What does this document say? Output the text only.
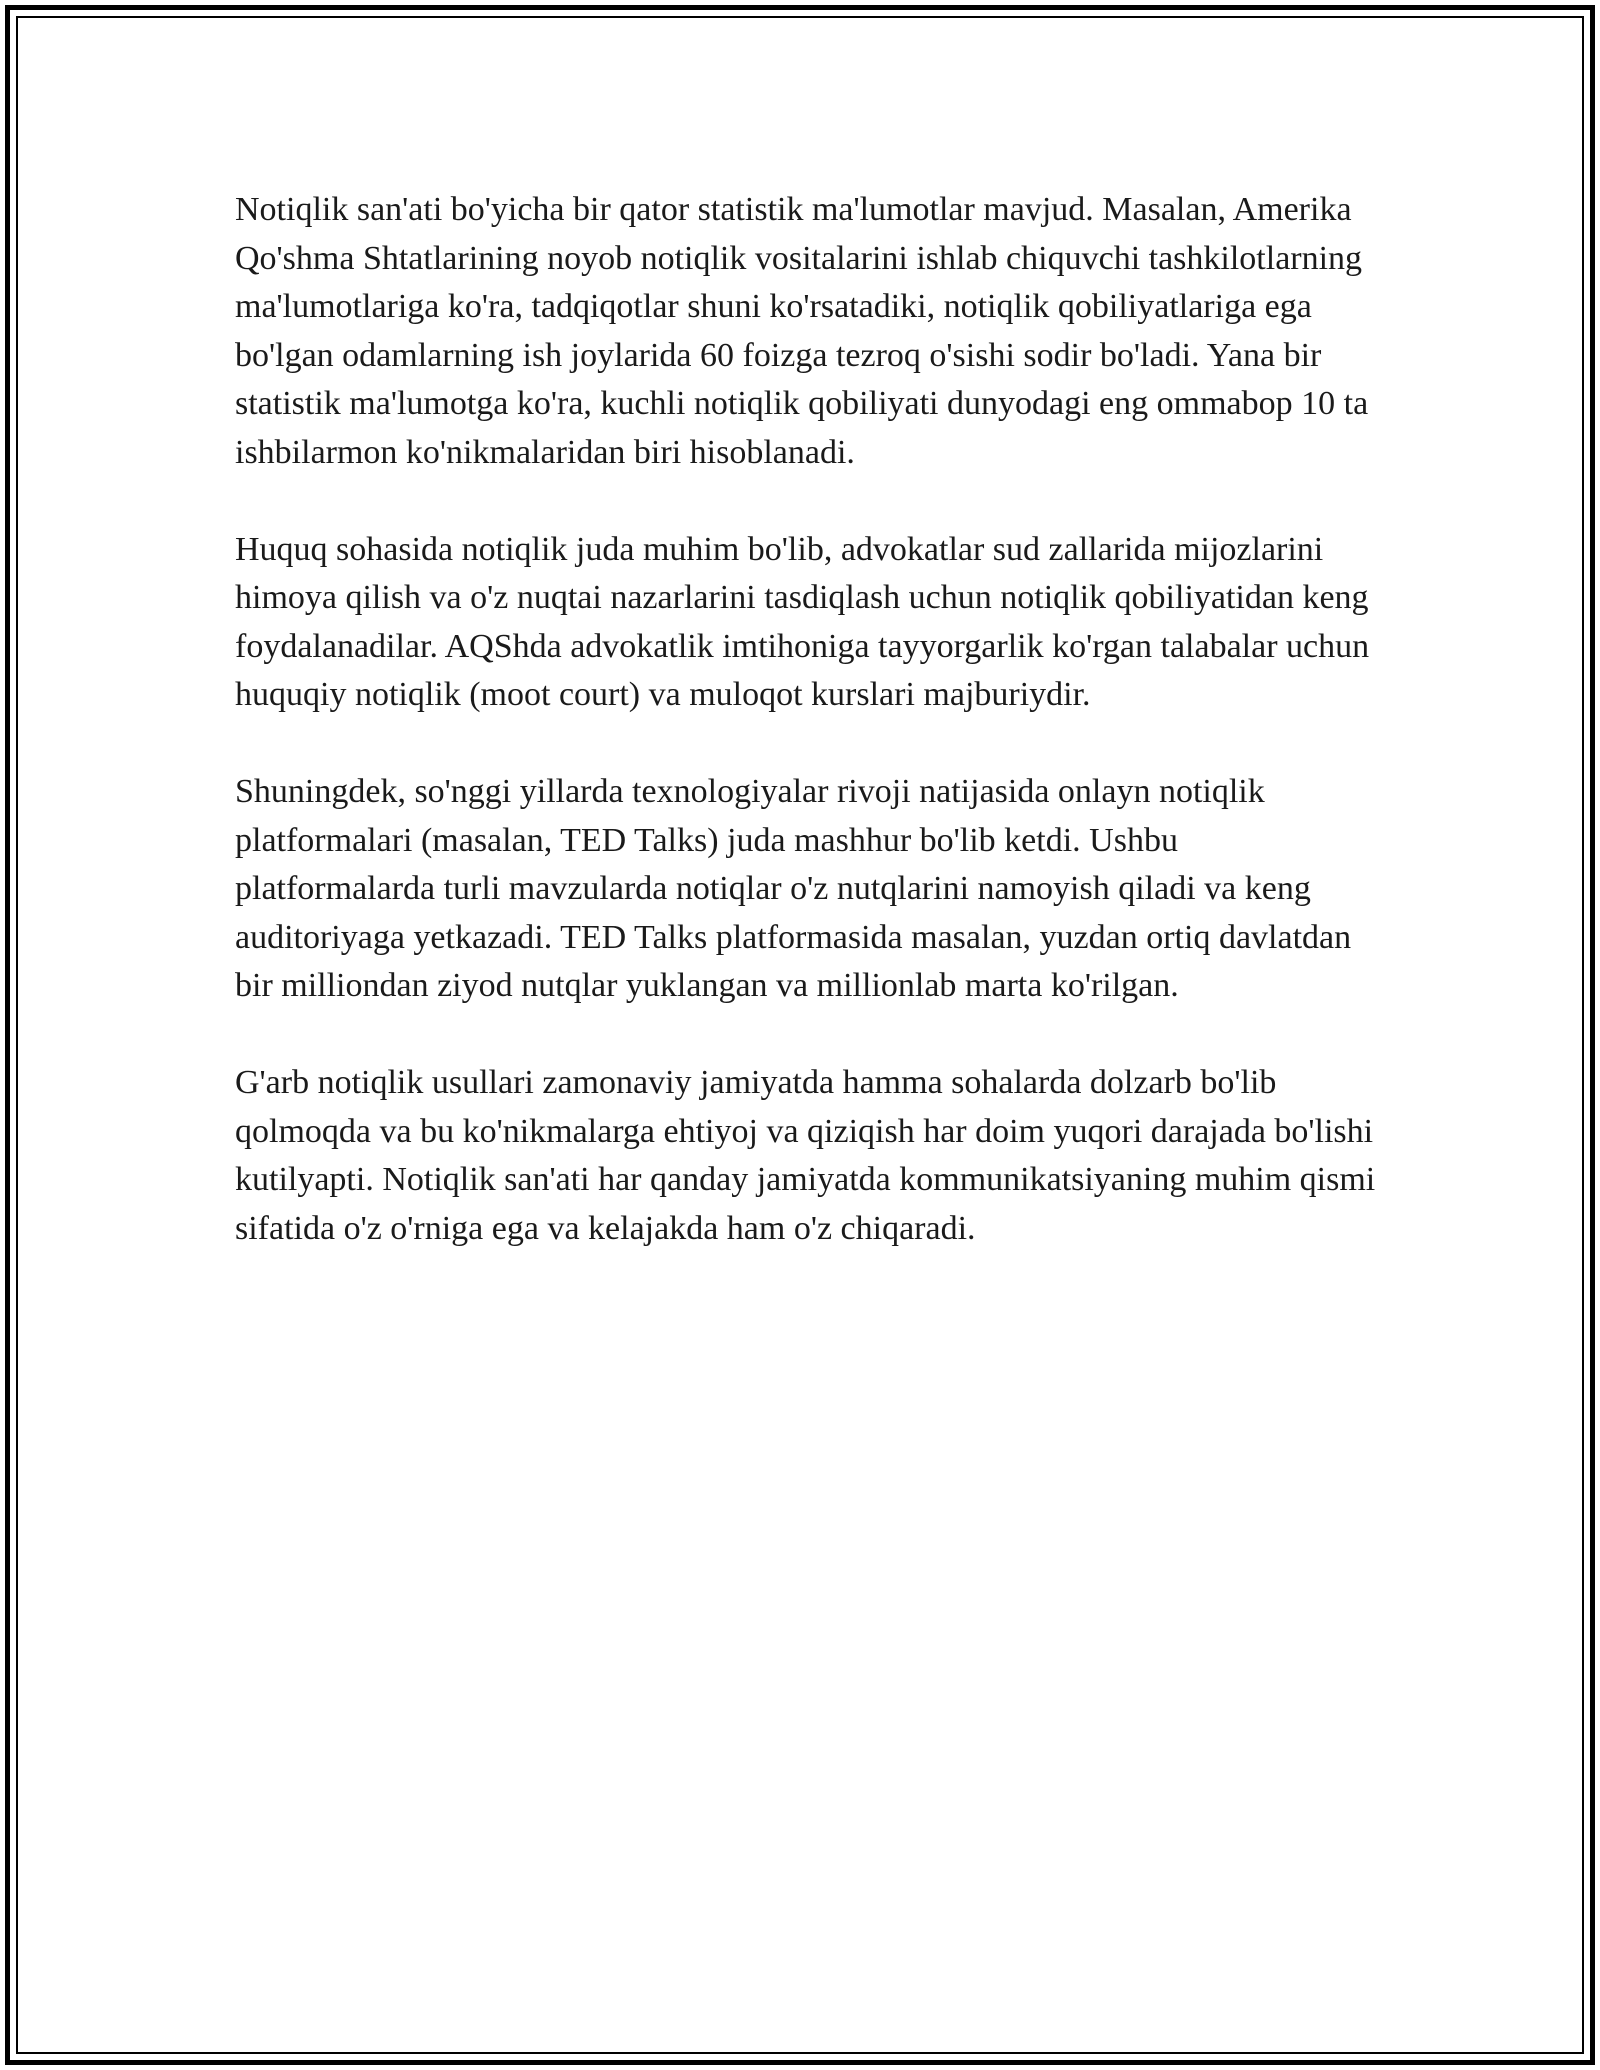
Notiqlik san'ati bo'yicha bir qator statistik ma'lumotlar mavjud. Masalan, Amerika Qo'shma Shtatlarining noyob notiqlik vositalarini ishlab chiquvchi tashkilotlarning ma'lumotlariga ko'ra, tadqiqotlar shuni ko'rsatadiki, notiqlik qobiliyatlariga ega bo'lgan odamlarning ish joylarida 60 foizga tezroq o'sishi sodir bo'ladi. Yana bir statistik ma'lumotga ko'ra, kuchli notiqlik qobiliyati dunyodagi eng ommabop 10 ta ishbilarmon ko'nikmalaridan biri hisoblanadi.

Huquq sohasida notiqlik juda muhim bo'lib, advokatlar sud zallarida mijozlarini himoya qilish va o'z nuqtai nazarlarini tasdiqlash uchun notiqlik qobiliyatidan keng foydalanadilar. AQShda advokatlik imtihoniga tayyorgarlik ko'rgan talabalar uchun huquqiy notiqlik (moot court) va muloqot kurslari majburiydir.

Shuningdek, so'nggi yillarda texnologiyalar rivoji natijasida onlayn notiqlik platformalari (masalan, TED Talks) juda mashhur bo'lib ketdi. Ushbu platformalarda turli mavzularda notiqlar o'z nutqlarini namoyish qiladi va keng auditoriyaga yetkazadi. TED Talks platformasida masalan, yuzdan ortiq davlatdan bir milliondan ziyod nutqlar yuklangan va millionlab marta ko'rilgan.

G'arb notiqlik usullari zamonaviy jamiyatda hamma sohalarda dolzarb bo'lib qolmoqda va bu ko'nikmalarga ehtiyoj va qiziqish har doim yuqori darajada bo'lishi kutilyapti. Notiqlik san'ati har qanday jamiyatda kommunikatsiyaning muhim qismi sifatida o'z o'rniga ega va kelajakda ham o'z chiqaradi.
